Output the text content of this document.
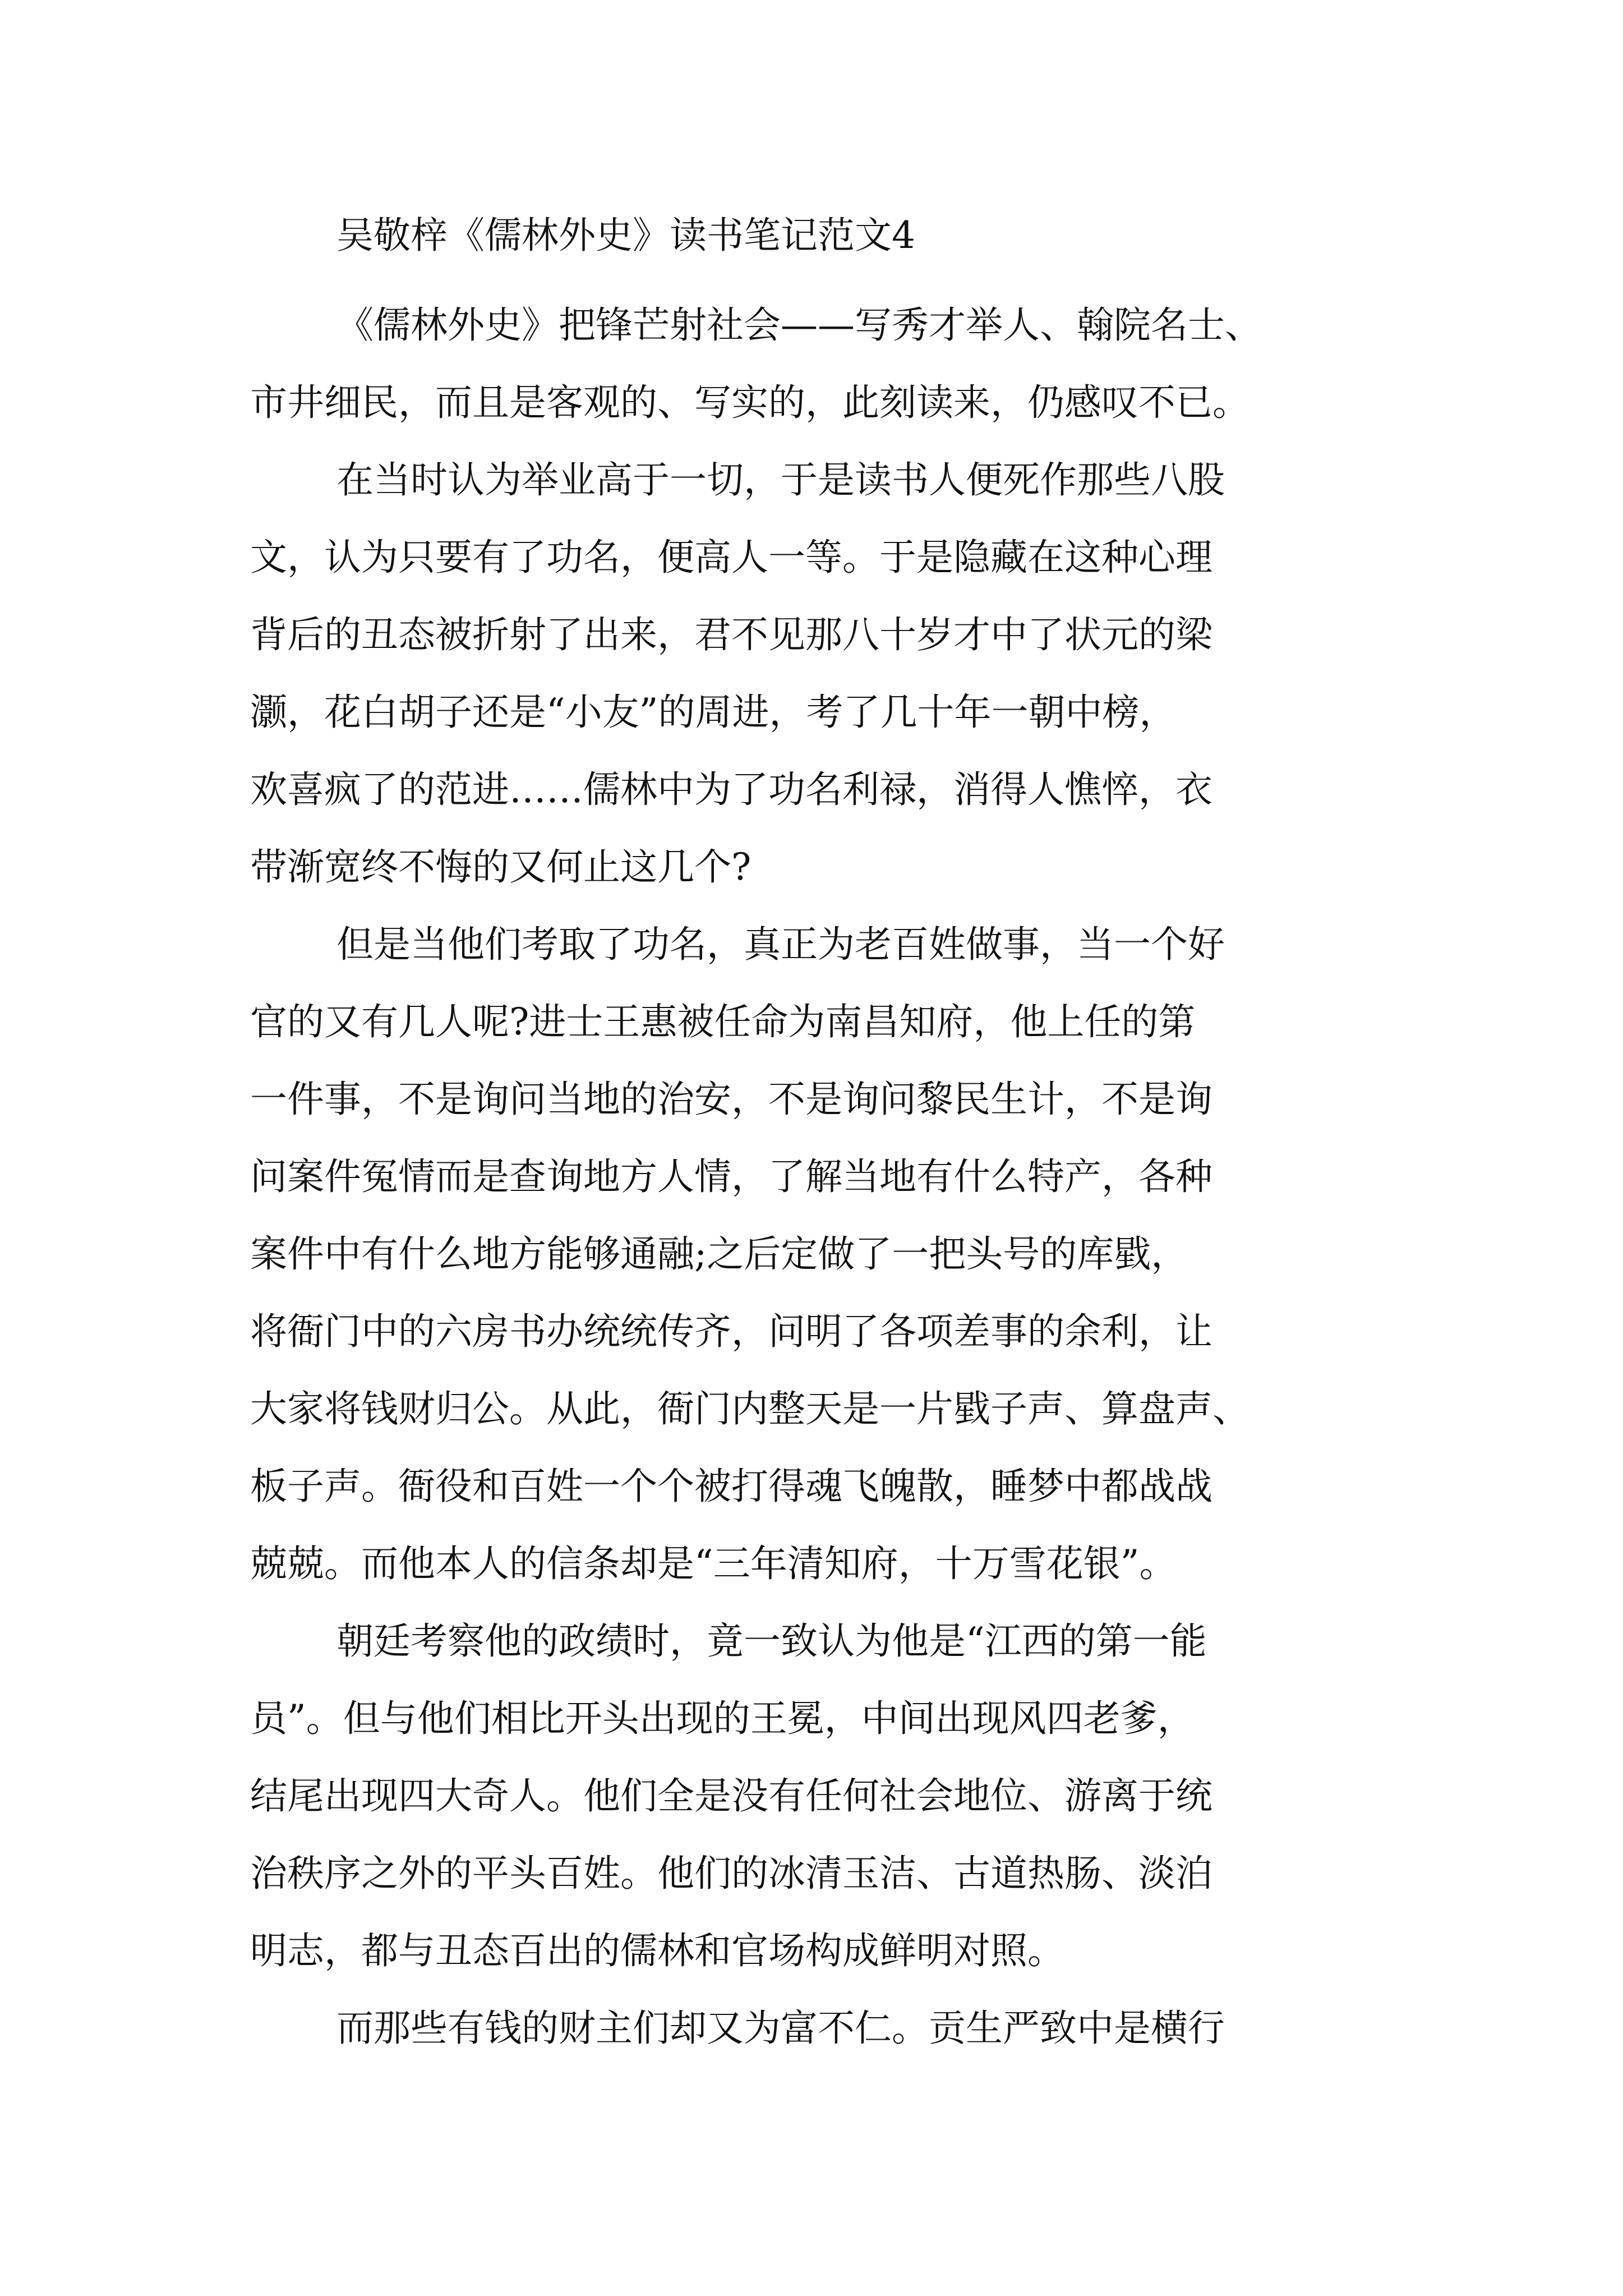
吴敬梓《儒林外史》读书笔记范文4

《儒林外史》把锋芒射社会——写秀才举人、翰院名士、

市井细民，而且是客观的、写实的，此刻读来，仍感叹不已。

在当时认为举业高于一切，于是读书人便死作那些八股

文，认为只要有了功名，便高人一等。于是隐藏在这种心理

背后的丑态被折射了出来，君不见那八十岁才中了状元的梁

灏，花白胡子还是“小友”的周进，考了几十年一朝中榜，

欢喜疯了的范进……儒林中为了功名利禄，消得人憔悴，衣

带渐宽终不悔的又何止这几个?

但是当他们考取了功名，真正为老百姓做事，当一个好

官的又有几人呢?进士王惠被任命为南昌知府，他上任的第

一件事，不是询问当地的治安，不是询问黎民生计，不是询

问案件冤情而是查询地方人情，了解当地有什么特产，各种

案件中有什么地方能够通融;之后定做了一把头号的库戥，

将衙门中的六房书办统统传齐，问明了各项差事的余利，让

大家将钱财归公。从此，衙门内整天是一片戥子声、算盘声、

板子声。衙役和百姓一个个被打得魂飞魄散，睡梦中都战战

兢兢。而他本人的信条却是“三年清知府，十万雪花银”。

朝廷考察他的政绩时，竟一致认为他是“江西的第一能

员”。但与他们相比开头出现的王冕，中间出现风四老爹，

结尾出现四大奇人。他们全是没有任何社会地位、游离于统

治秩序之外的平头百姓。他们的冰清玉洁、古道热肠、淡泊

明志，都与丑态百出的儒林和官场构成鲜明对照。

而那些有钱的财主们却又为富不仁。贡生严致中是横行
